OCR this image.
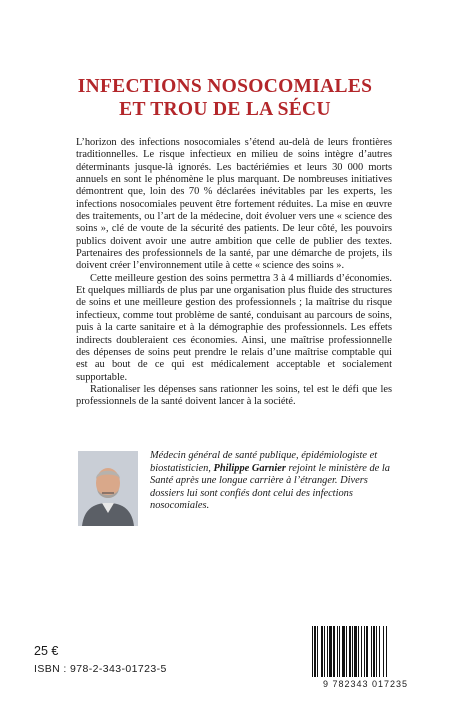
INFECTIONS NOSOCOMIALES
ET TROU DE LA SÉCU

L’horizon des infections nosocomiales s’étend au-delà de leurs frontières traditionnelles. Le risque infectieux en milieu de soins intègre d’autres déterminants jusque-là ignorés. Les bactériémies et leurs 30 000 morts annuels en sont le phénomène le plus marquant. De nombreuses initiatives démontrent que, loin des 70 % déclarées inévitables par les experts, les infections nosocomiales peuvent être fortement réduites. La mise en œuvre des traitements, ou l’art de la médecine, doit évoluer vers une « science des soins », clé de voute de la sécurité des patients. De leur côté, les pouvoirs publics doivent avoir une autre ambition que celle de publier des textes. Partenaires des professionnels de la santé, par une démarche de projets, ils doivent créer l’environnement utile à cette « science des soins ».

Cette meilleure gestion des soins permettra 3 à 4 milliards d’économies. Et quelques milliards de plus par une organisation plus fluide des structures de soins et une meilleure gestion des professionnels ; la maîtrise du risque infectieux, comme tout problème de santé, conduisant au parcours de soins, puis à la carte sanitaire et à la démographie des professionnels. Les effets indirects doubleraient ces économies. Ainsi, une maîtrise professionnelle des dépenses de soins peut prendre le relais d’une maîtrise comptable qui est au bout de ce qui est médicalement acceptable et socialement supportable.

Rationaliser les dépenses sans rationner les soins, tel est le défi que les professionnels de la santé doivent lancer à la société.

Médecin général de santé publique, épidémiologiste et biostatisticien, Philippe Garnier rejoint le ministère de la Santé après une longue carrière à l’étranger. Divers dossiers lui sont confiés dont celui des infections nosocomiales.
25 €
ISBN : 978-2-343-01723-5
9 782343 017235
